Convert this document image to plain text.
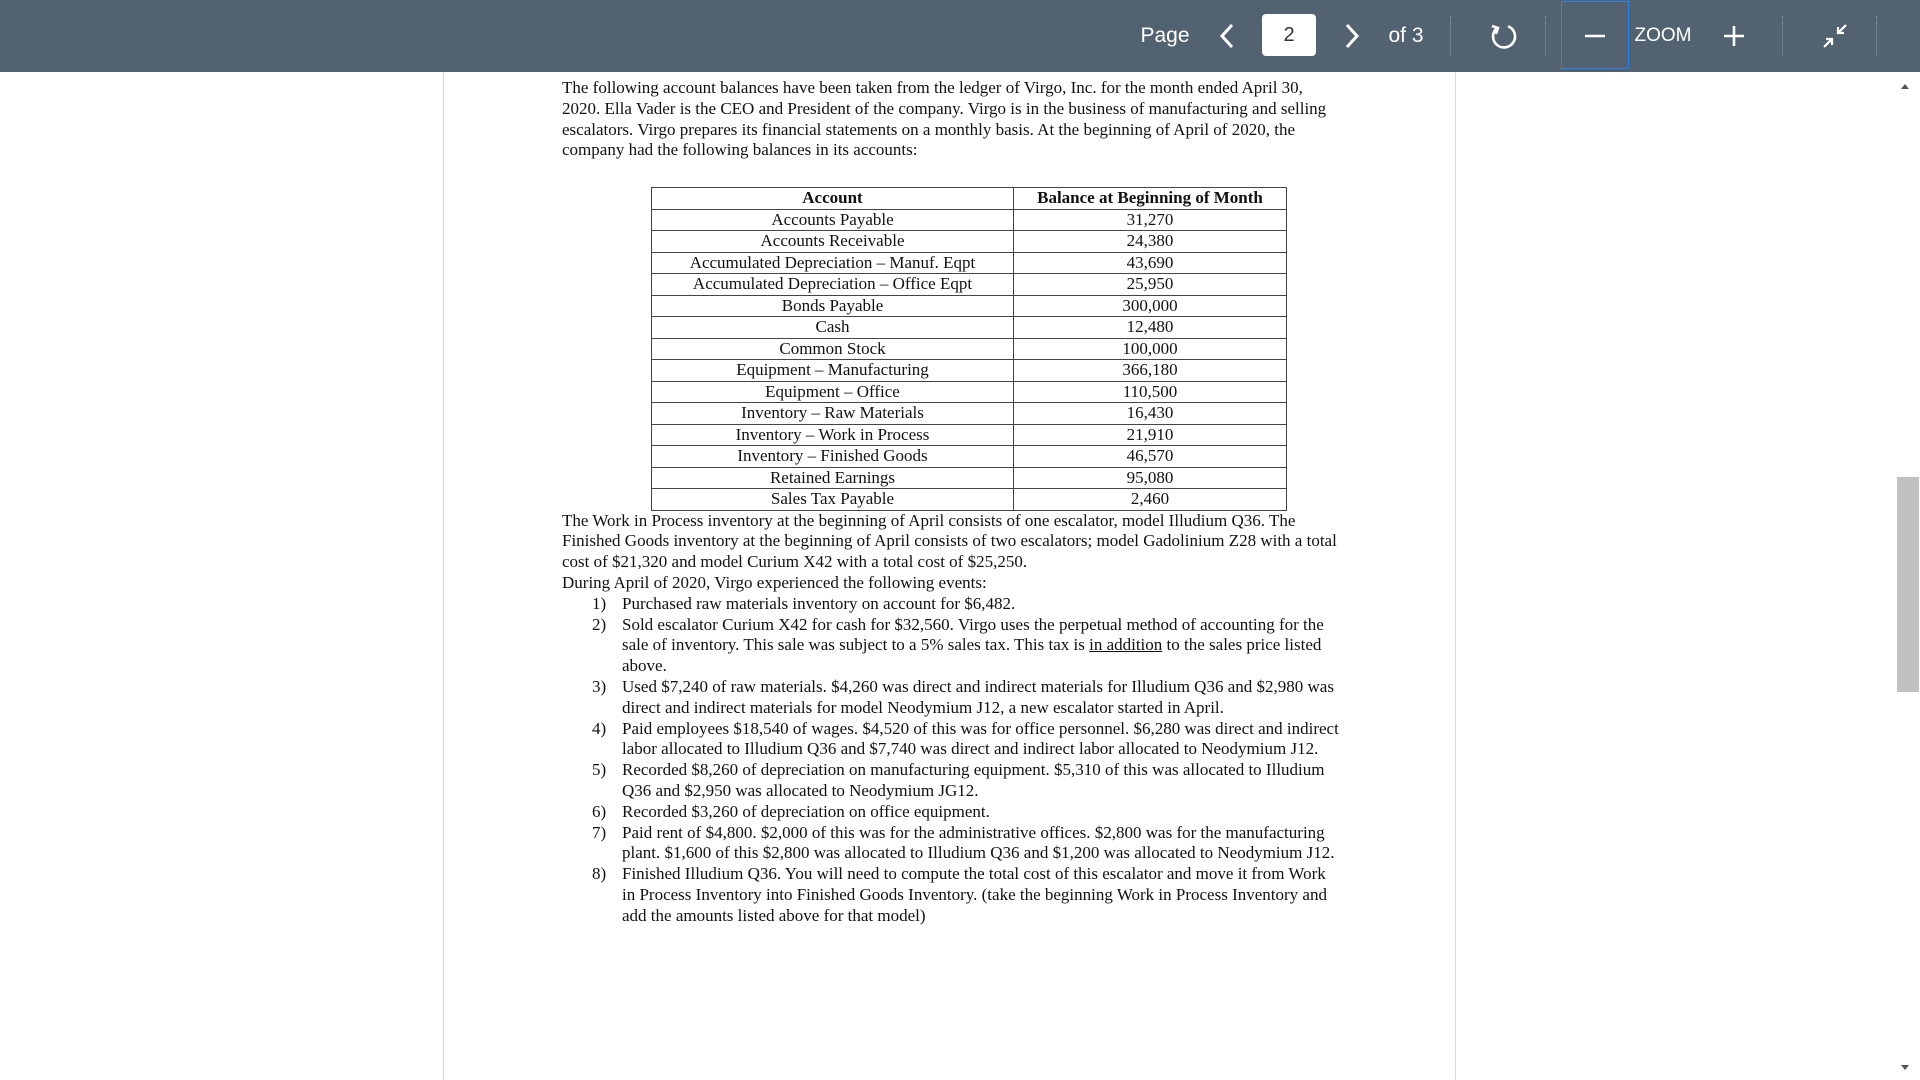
Page
2	of 3	ZOOM

The following account balances have been taken from the ledger of Virgo, Inc. for the month ended April 30, 2020. Ella Vader is the CEO and President of the company. Virgo is in the business of manufacturing and selling escalators. Virgo prepares its financial statements on a monthly basis. At the beginning of April of 2020, the company had the following balances in its accounts:

Account	Balance at Beginning of Month
Accounts Payable	31,270
Accounts Receivable	24,380
Accumulated Depreciation – Manuf. Eqpt	43,690
Accumulated Depreciation – Office Eqpt	25,950
Bonds Payable	300,000
Cash	12,480
Common Stock	100,000
Equipment – Manufacturing	366,180
Equipment – Office	110,500
Inventory – Raw Materials	16,430
Inventory – Work in Process	21,910
Inventory – Finished Goods	46,570
Retained Earnings	95,080
Sales Tax Payable	2,460

The Work in Process inventory at the beginning of April consists of one escalator, model Illudium Q36. The Finished Goods inventory at the beginning of April consists of two escalators; model Gadolinium Z28 with a total cost of $21,320 and model Curium X42 with a total cost of $25,250.

During April of 2020, Virgo experienced the following events:

1) Purchased raw materials inventory on account for $6,482.
2) Sold escalator Curium X42 for cash for $32,560. Virgo uses the perpetual method of accounting for the sale of inventory. This sale was subject to a 5% sales tax. This tax is in addition to the sales price listed above.
3) Used $7,240 of raw materials. $4,260 was direct and indirect materials for Illudium Q36 and $2,980 was direct and indirect materials for model Neodymium J12, a new escalator started in April.
4) Paid employees $18,540 of wages. $4,520 of this was for office personnel. $6,280 was direct and indirect labor allocated to Illudium Q36 and $7,740 was direct and indirect labor allocated to Neodymium J12.
5) Recorded $8,260 of depreciation on manufacturing equipment. $5,310 of this was allocated to Illudium Q36 and $2,950 was allocated to Neodymium JG12.
6) Recorded $3,260 of depreciation on office equipment.
7) Paid rent of $4,800. $2,000 of this was for the administrative offices. $2,800 was for the manufacturing plant. $1,600 of this $2,800 was allocated to Illudium Q36 and $1,200 was allocated to Neodymium J12.
8) Finished Illudium Q36. You will need to compute the total cost of this escalator and move it from Work in Process Inventory into Finished Goods Inventory. (take the beginning Work in Process Inventory and add the amounts listed above for that model)
